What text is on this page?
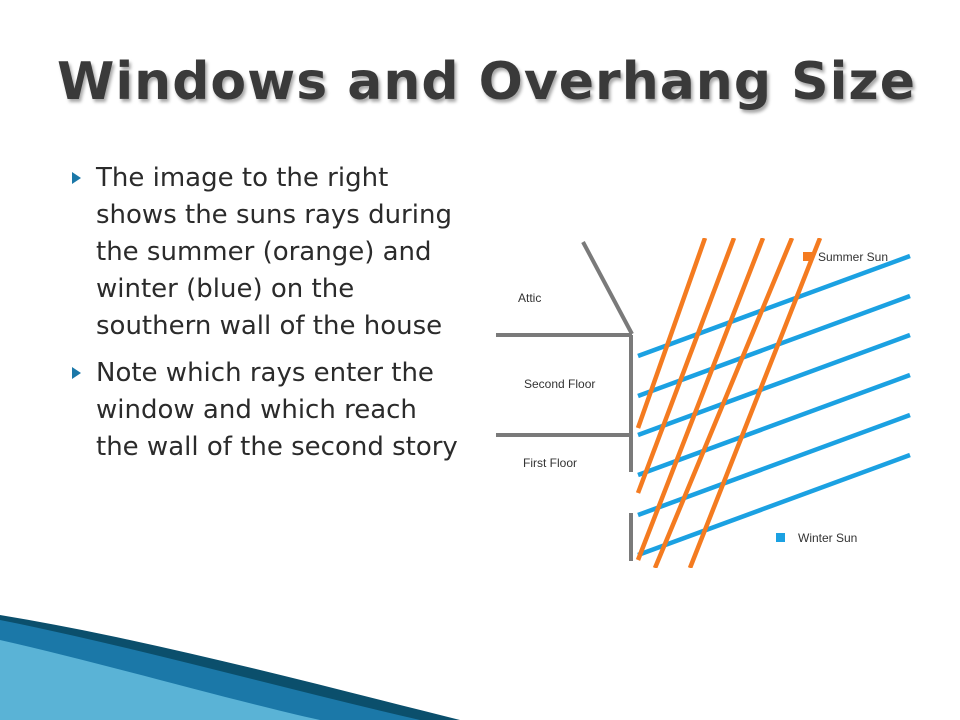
Windows and Overhang Size
The image to the right shows the suns rays during the summer (orange) and winter (blue) on the southern wall of the house
Note which rays enter the window and which reach the wall of the second story
Attic
Second Floor
First Floor
Summer Sun
Winter Sun
